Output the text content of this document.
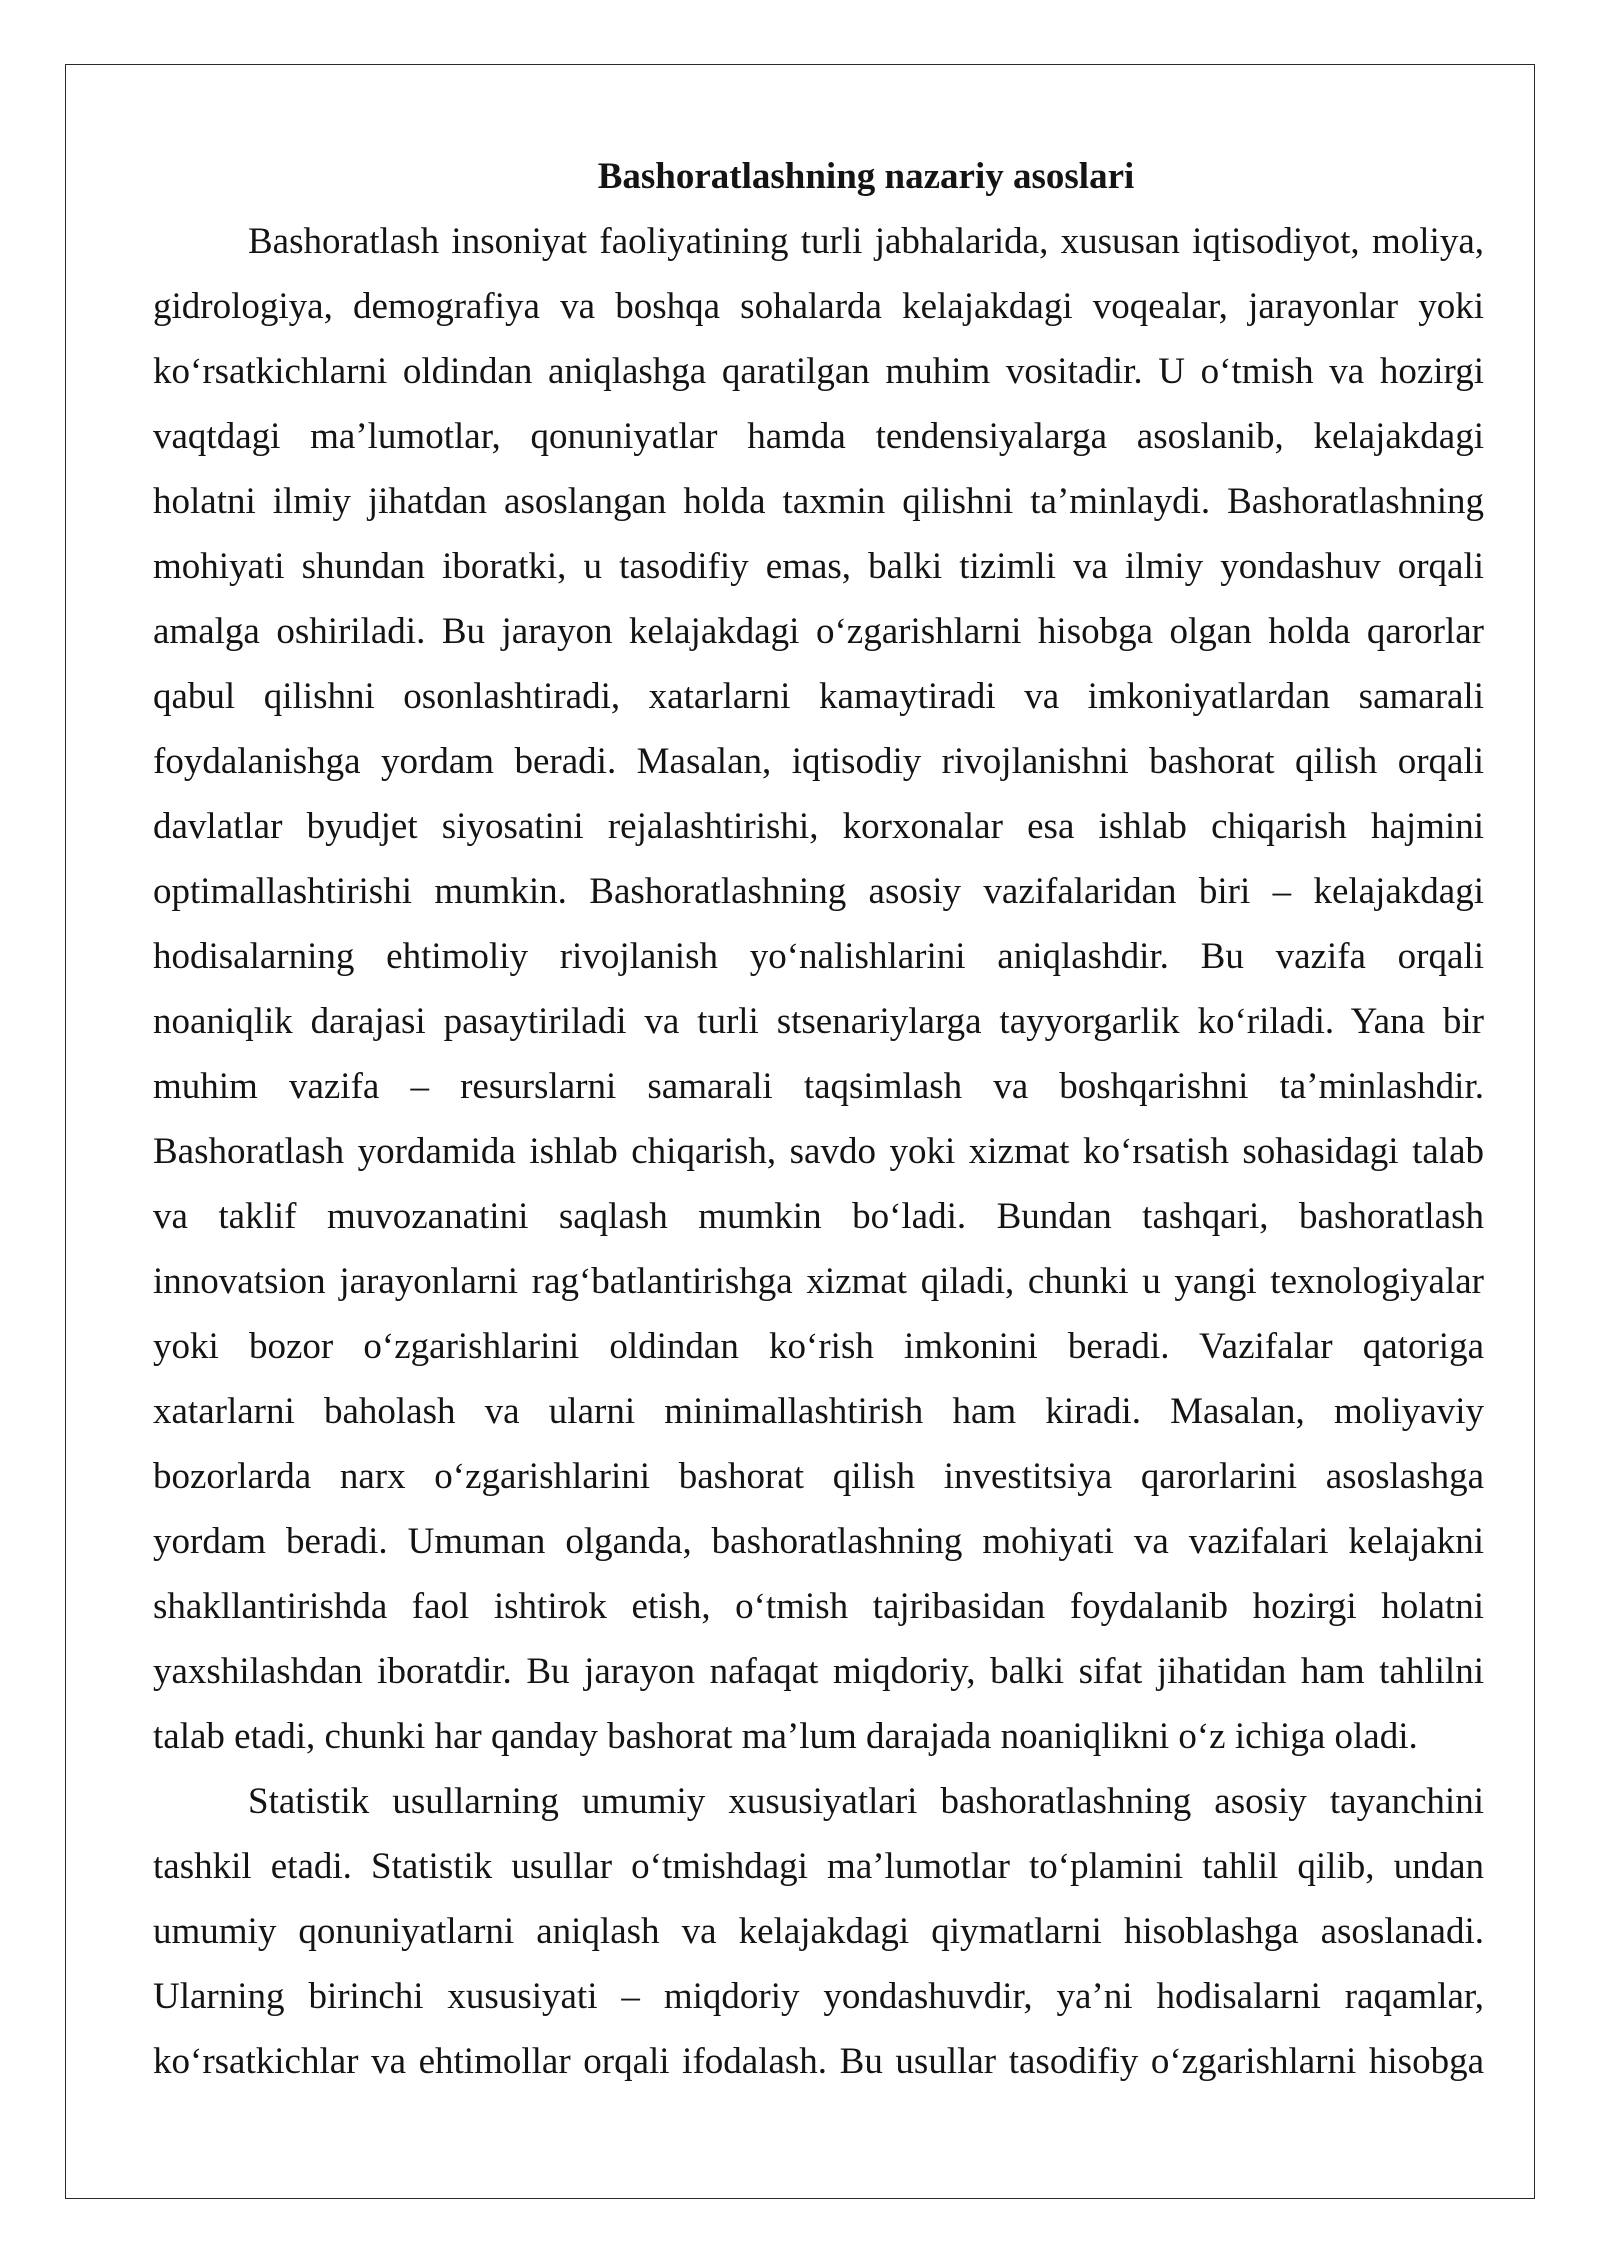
Bashoratlashning nazariy asoslari
Bashoratlash insoniyat faoliyatining turli jabhalarida, xususan iqtisodiyot, moliya,
gidrologiya, demografiya va boshqa sohalarda kelajakdagi voqealar, jarayonlar yoki
ko‘rsatkichlarni oldindan aniqlashga qaratilgan muhim vositadir. U o‘tmish va hozirgi
vaqtdagi ma’lumotlar, qonuniyatlar hamda tendensiyalarga asoslanib, kelajakdagi
holatni ilmiy jihatdan asoslangan holda taxmin qilishni ta’minlaydi. Bashoratlashning
mohiyati shundan iboratki, u tasodifiy emas, balki tizimli va ilmiy yondashuv orqali
amalga oshiriladi. Bu jarayon kelajakdagi o‘zgarishlarni hisobga olgan holda qarorlar
qabul qilishni osonlashtiradi, xatarlarni kamaytiradi va imkoniyatlardan samarali
foydalanishga yordam beradi. Masalan, iqtisodiy rivojlanishni bashorat qilish orqali
davlatlar byudjet siyosatini rejalashtirishi, korxonalar esa ishlab chiqarish hajmini
optimallashtirishi mumkin. Bashoratlashning asosiy vazifalaridan biri – kelajakdagi
hodisalarning ehtimoliy rivojlanish yo‘nalishlarini aniqlashdir. Bu vazifa orqali
noaniqlik darajasi pasaytiriladi va turli stsenariylarga tayyorgarlik ko‘riladi. Yana bir
muhim vazifa – resurslarni samarali taqsimlash va boshqarishni ta’minlashdir.
Bashoratlash yordamida ishlab chiqarish, savdo yoki xizmat ko‘rsatish sohasidagi talab
va taklif muvozanatini saqlash mumkin bo‘ladi. Bundan tashqari, bashoratlash
innovatsion jarayonlarni rag‘batlantirishga xizmat qiladi, chunki u yangi texnologiyalar
yoki bozor o‘zgarishlarini oldindan ko‘rish imkonini beradi. Vazifalar qatoriga
xatarlarni baholash va ularni minimallashtirish ham kiradi. Masalan, moliyaviy
bozorlarda narx o‘zgarishlarini bashorat qilish investitsiya qarorlarini asoslashga
yordam beradi. Umuman olganda, bashoratlashning mohiyati va vazifalari kelajakni
shakllantirishda faol ishtirok etish, o‘tmish tajribasidan foydalanib hozirgi holatni
yaxshilashdan iboratdir. Bu jarayon nafaqat miqdoriy, balki sifat jihatidan ham tahlilni
talab etadi, chunki har qanday bashorat ma’lum darajada noaniqlikni o‘z ichiga oladi.
Statistik usullarning umumiy xususiyatlari bashoratlashning asosiy tayanchini
tashkil etadi. Statistik usullar o‘tmishdagi ma’lumotlar to‘plamini tahlil qilib, undan
umumiy qonuniyatlarni aniqlash va kelajakdagi qiymatlarni hisoblashga asoslanadi.
Ularning birinchi xususiyati – miqdoriy yondashuvdir, ya’ni hodisalarni raqamlar,
ko‘rsatkichlar va ehtimollar orqali ifodalash. Bu usullar tasodifiy o‘zgarishlarni hisobga
